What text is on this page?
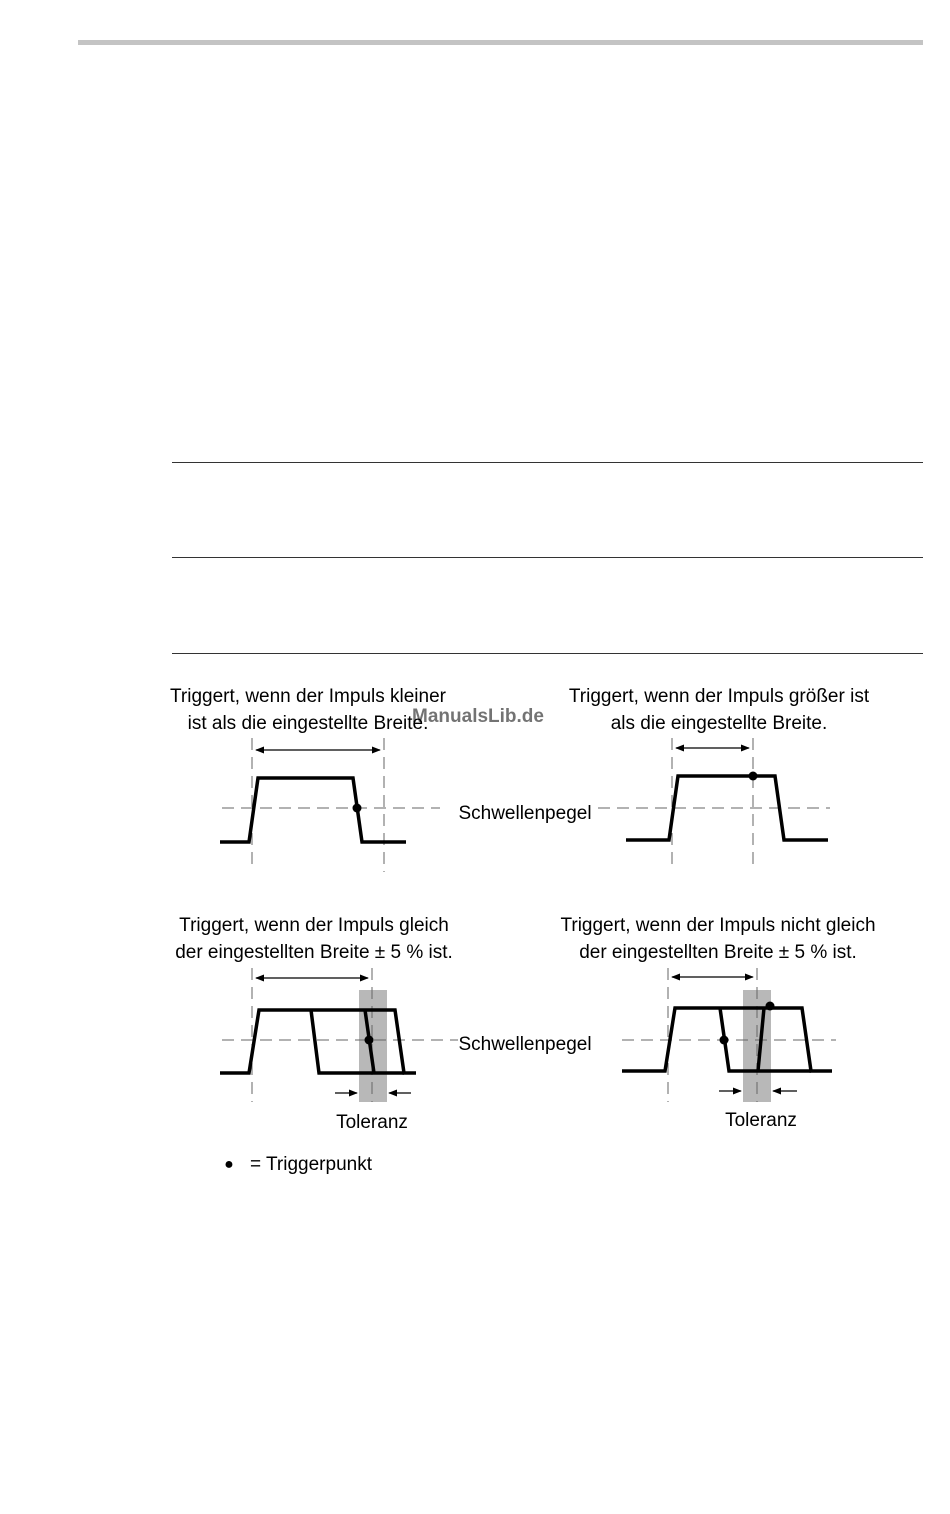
Triggert, wenn der Impuls kleiner
ist als die eingestellte Breite.
Schwellenpegel
Triggert, wenn der Impuls größer ist
als die eingestellte Breite.
Triggert, wenn der Impuls gleich
der eingestellten Breite ± 5 % ist.
Toleranz
Schwellenpegel
Triggert, wenn der Impuls nicht gleich
der eingestellten Breite ± 5 % ist.
Toleranz
● = Triggerpunkt
ManualsLib.de
